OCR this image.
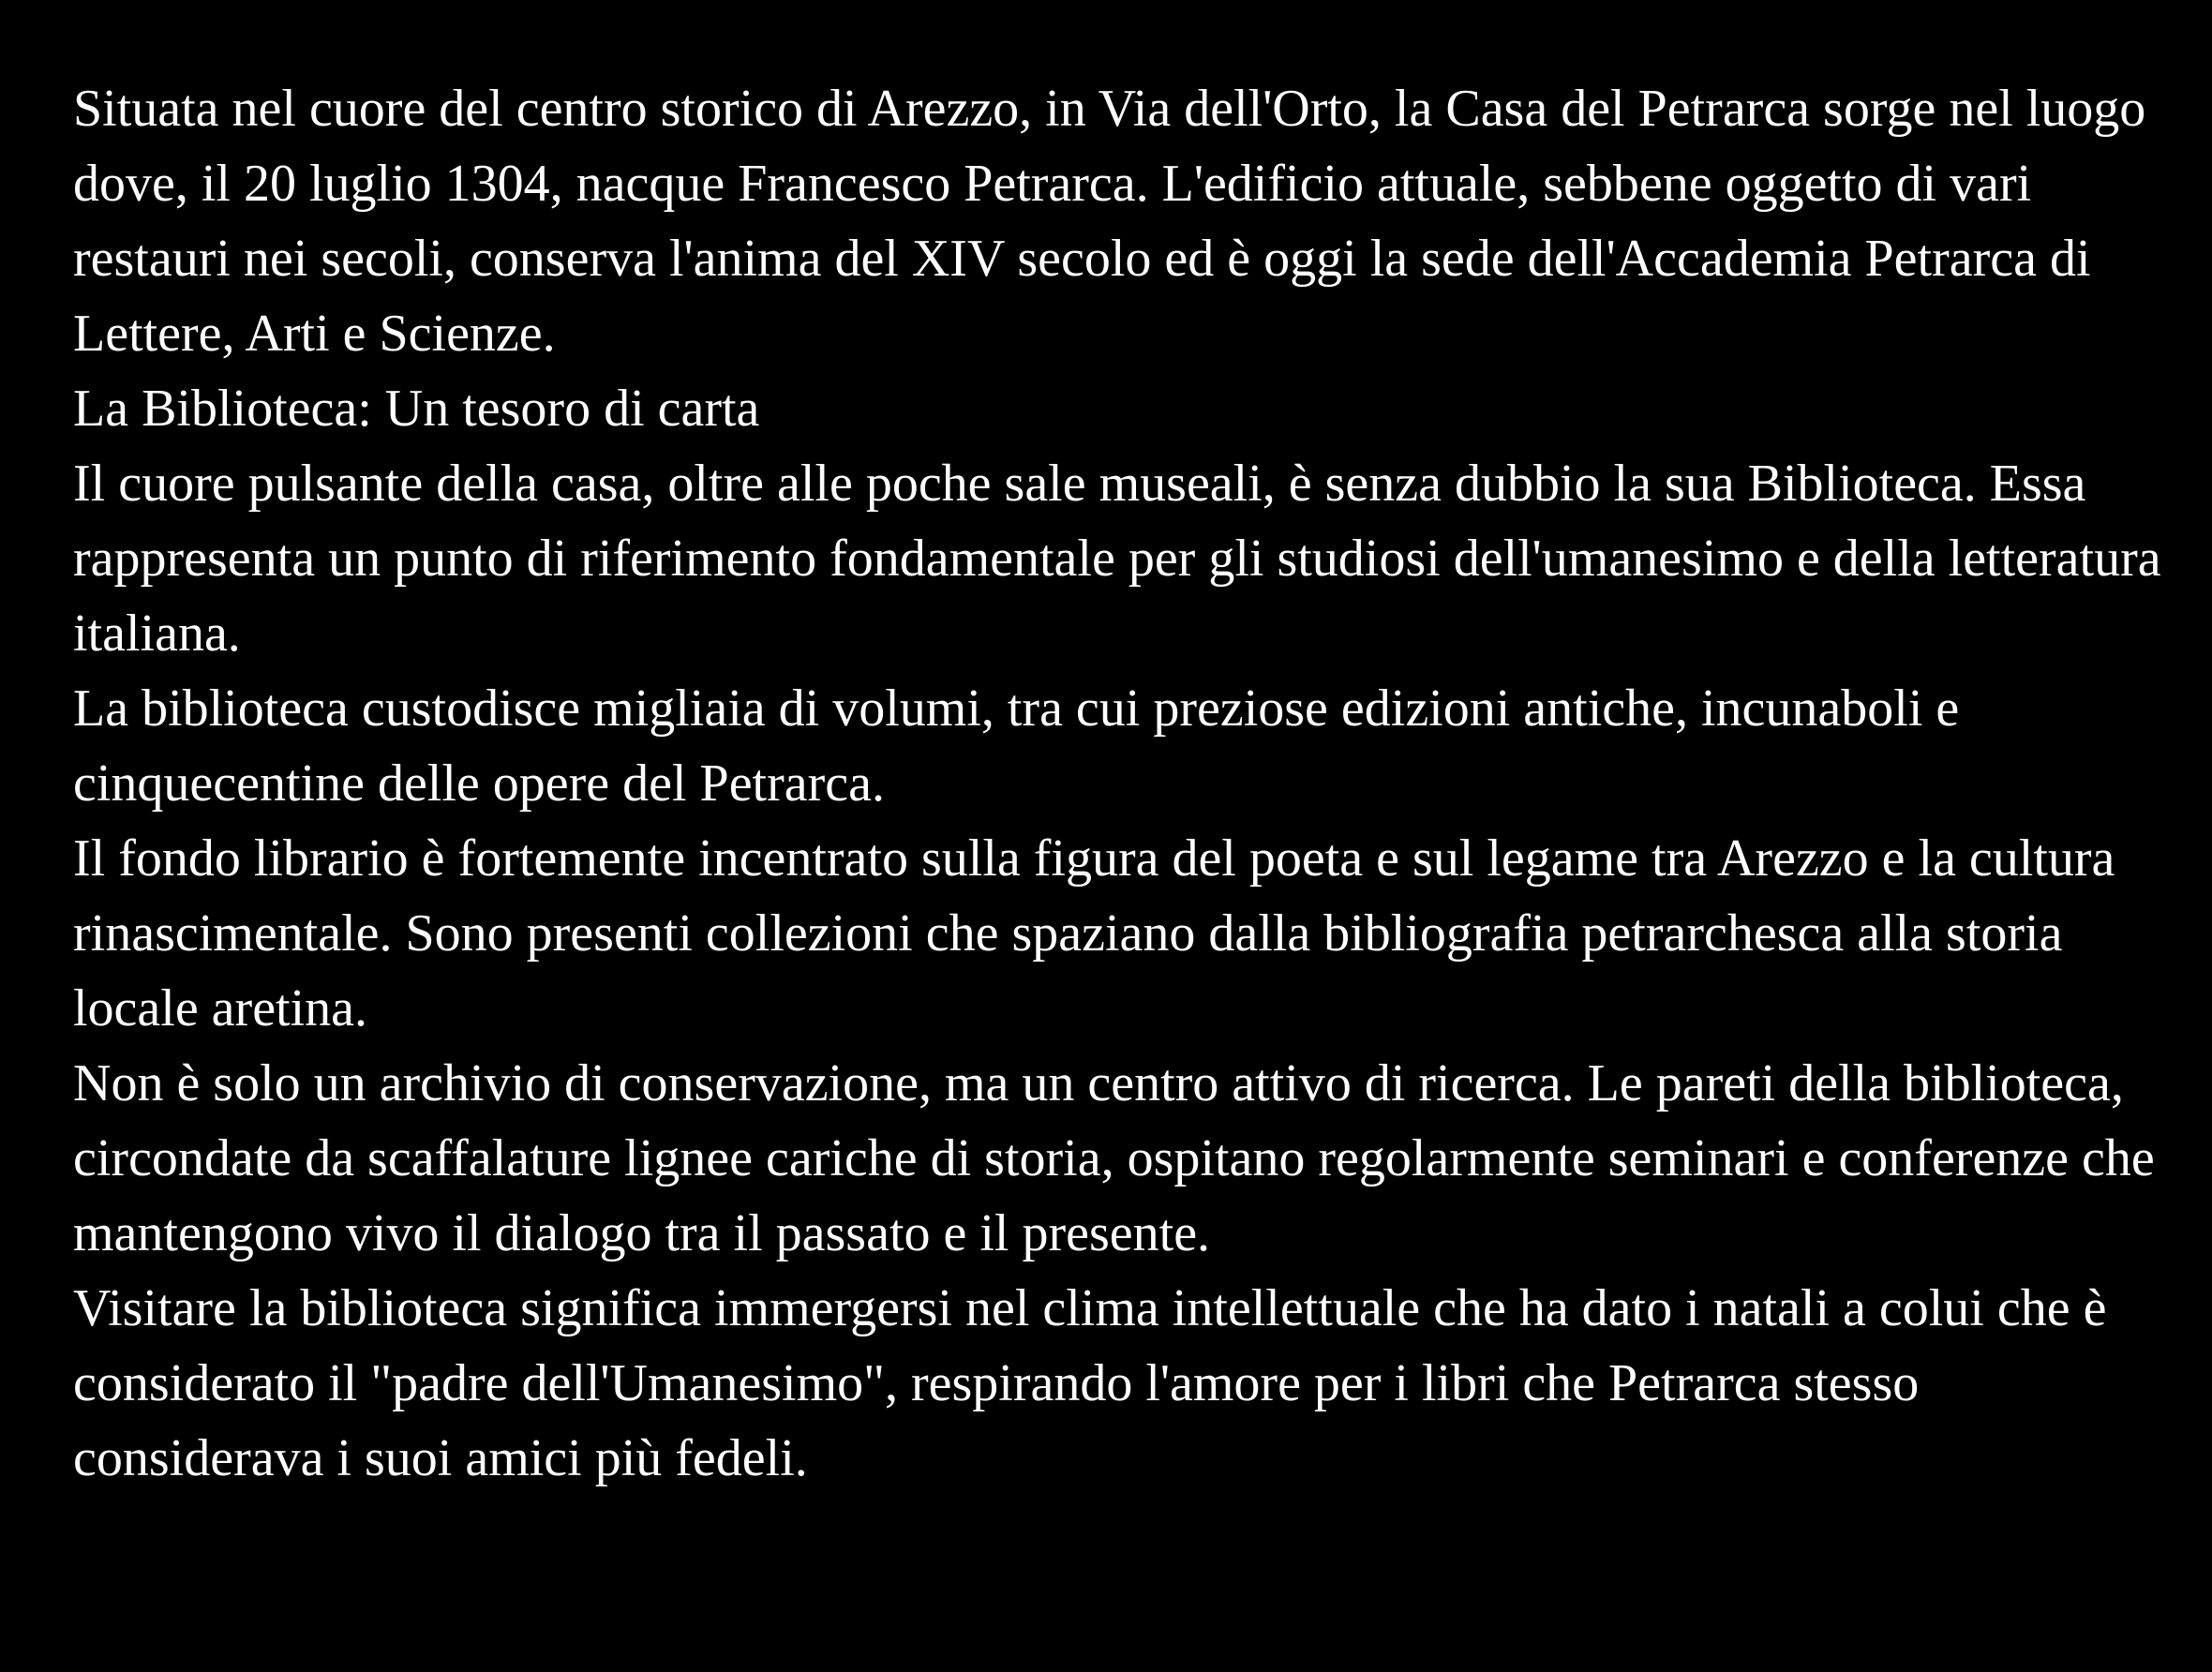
Situata nel cuore del centro storico di Arezzo, in Via dell'Orto, la Casa del Petrarca sorge nel luogo dove, il 20 luglio 1304, nacque Francesco Petrarca. L'edificio attuale, sebbene oggetto di vari restauri nei secoli, conserva l'anima del XIV secolo ed è oggi la sede dell'Accademia Petrarca di Lettere, Arti e Scienze.

La Biblioteca: Un tesoro di carta

Il cuore pulsante della casa, oltre alle poche sale museali, è senza dubbio la sua Biblioteca. Essa rappresenta un punto di riferimento fondamentale per gli studiosi dell'umanesimo e della letteratura italiana.

La biblioteca custodisce migliaia di volumi, tra cui preziose edizioni antiche, incunaboli e cinquecentine delle opere del Petrarca.

Il fondo librario è fortemente incentrato sulla figura del poeta e sul legame tra Arezzo e la cultura rinascimentale. Sono presenti collezioni che spaziano dalla bibliografia petrarchesca alla storia locale aretina.

Non è solo un archivio di conservazione, ma un centro attivo di ricerca. Le pareti della biblioteca, circondate da scaffalature lignee cariche di storia, ospitano regolarmente seminari e conferenze che mantengono vivo il dialogo tra il passato e il presente.

Visitare la biblioteca significa immergersi nel clima intellettuale che ha dato i natali a colui che è considerato il "padre dell'Umanesimo", respirando l'amore per i libri che Petrarca stesso considerava i suoi amici più fedeli.
